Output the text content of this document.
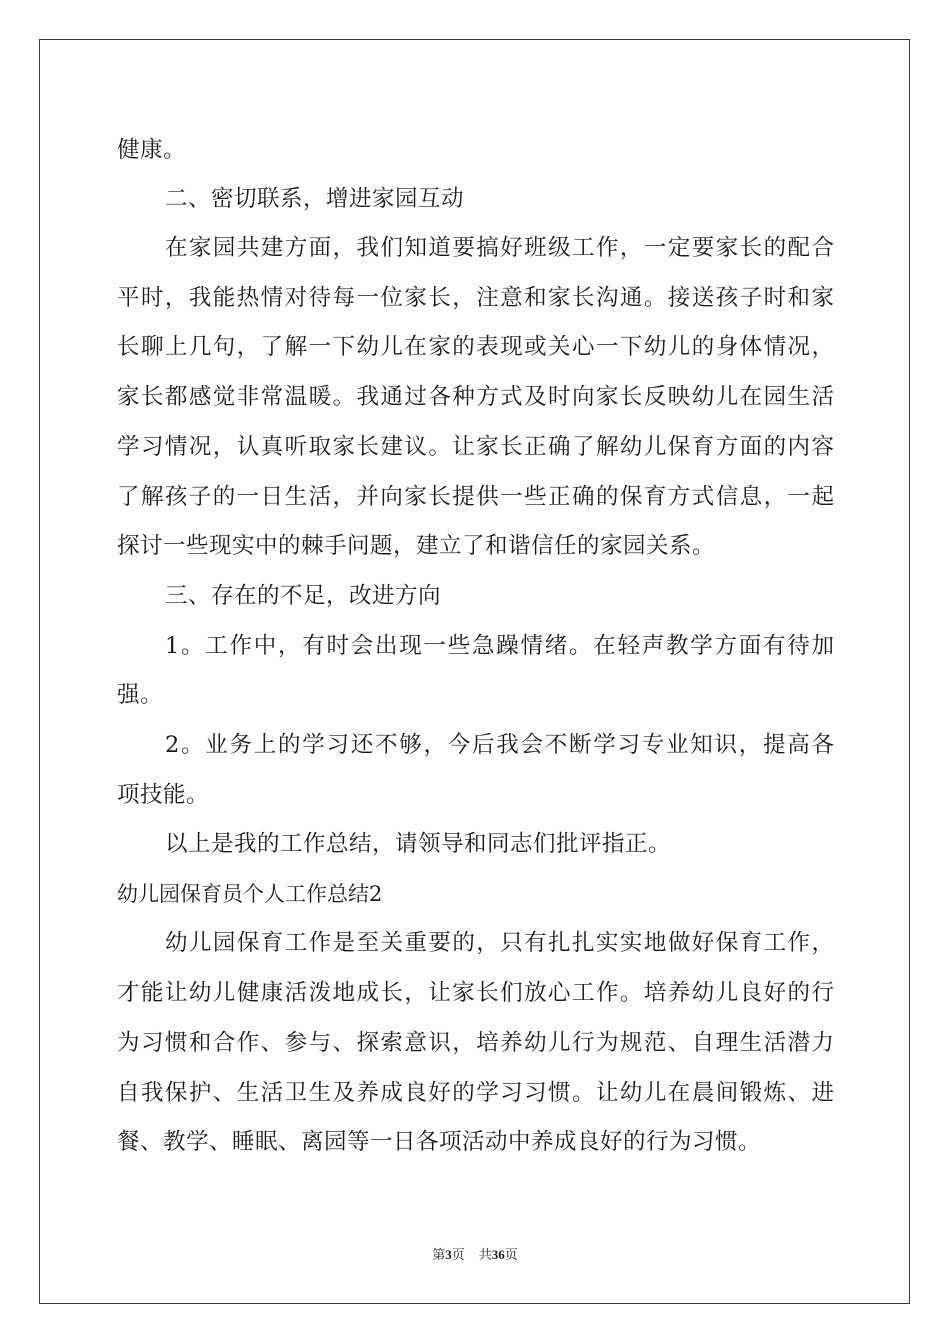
健康。
二、密切联系，增进家园互动
在家园共建方面，我们知道要搞好班级工作，一定要家长的配合
平时，我能热情对待每一位家长，注意和家长沟通。接送孩子时和家
长聊上几句，了解一下幼儿在家的表现或关心一下幼儿的身体情况，
家长都感觉非常温暖。我通过各种方式及时向家长反映幼儿在园生活
学习情况，认真听取家长建议。让家长正确了解幼儿保育方面的内容
了解孩子的一日生活，并向家长提供一些正确的保育方式信息，一起
探讨一些现实中的棘手问题，建立了和谐信任的家园关系。
三、存在的不足，改进方向
1。工作中，有时会出现一些急躁情绪。在轻声教学方面有待加
强。
2。业务上的学习还不够，今后我会不断学习专业知识，提高各
项技能。
以上是我的工作总结，请领导和同志们批评指正。
幼儿园保育员个人工作总结2
幼儿园保育工作是至关重要的，只有扎扎实实地做好保育工作，
才能让幼儿健康活泼地成长，让家长们放心工作。培养幼儿良好的行
为习惯和合作、参与、探索意识，培养幼儿行为规范、自理生活潜力
自我保护、生活卫生及养成良好的学习习惯。让幼儿在晨间锻炼、进
餐、教学、睡眠、离园等一日各项活动中养成良好的行为习惯。
第3页 共36页
